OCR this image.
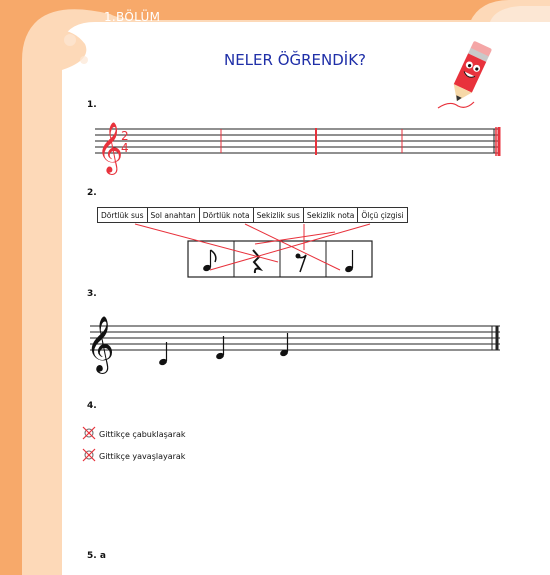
1.BÖLÜM
NELER ÖĞRENDİK?
1.
𝄞
2
4
2.
Dörtlük sus	Sol anahtarı	Dörtlük nota	Sekizlik sus	Sekizlik nota	Ölçü çizgisi
3.
𝄞
4.
Gittikçe çabuklaşarak
Gittikçe yavaşlayarak
5. a
